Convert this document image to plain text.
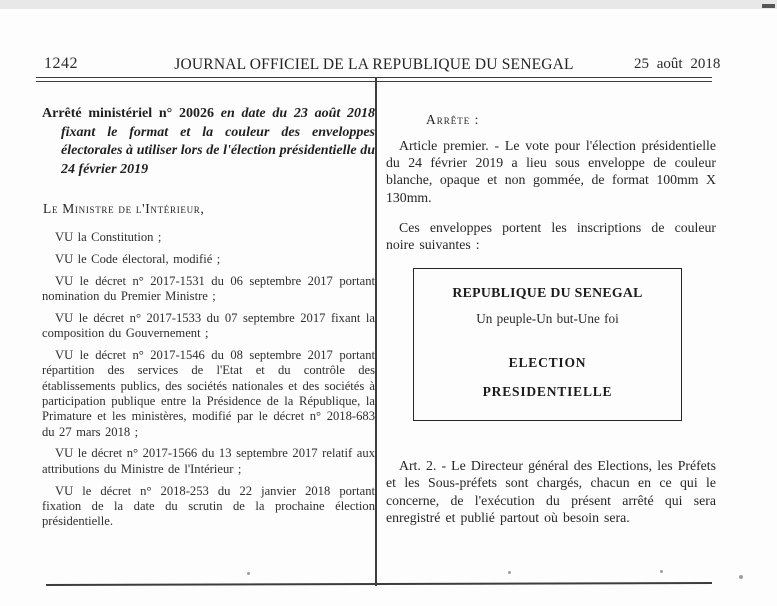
1242	JOURNAL OFFICIEL DE LA REPUBLIQUE DU SENEGAL	25 août 2018

Arrêté ministériel n° 20026 en date du 23 août 2018 fixant le format et la couleur des enveloppes électorales à utiliser lors de l'élection présidentielle du 24 février 2019

Le Ministre de l'Intérieur,

VU la Constitution ;

VU le Code électoral, modifié ;

VU le décret n° 2017-1531 du 06 septembre 2017 portant nomination du Premier Ministre ;

VU le décret n° 2017-1533 du 07 septembre 2017 fixant la composition du Gouvernement ;

VU le décret n° 2017-1546 du 08 septembre 2017 portant répartition des services de l'Etat et du contrôle des établissements publics, des sociétés nationales et des sociétés à participation publique entre la Présidence de la République, la Primature et les ministères, modifié par le décret n° 2018-683 du 27 mars 2018 ;

VU le décret n° 2017-1566 du 13 septembre 2017 relatif aux attributions du Ministre de l'Intérieur ;

VU le décret n° 2018-253 du 22 janvier 2018 portant fixation de la date du scrutin de la prochaine élection présidentielle.

Arrête :

Article premier. - Le vote pour l'élection présidentielle du 24 février 2019 a lieu sous enveloppe de couleur blanche, opaque et non gommée, de format 100mm X 130mm.

Ces enveloppes portent les inscriptions de couleur noire suivantes :

REPUBLIQUE DU SENEGAL
Un peuple-Un but-Une foi
ELECTION
PRESIDENTIELLE

Art. 2. - Le Directeur général des Elections, les Préfets et les Sous-préfets sont chargés, chacun en ce qui le concerne, de l'exécution du présent arrêté qui sera enregistré et publié partout où besoin sera.
